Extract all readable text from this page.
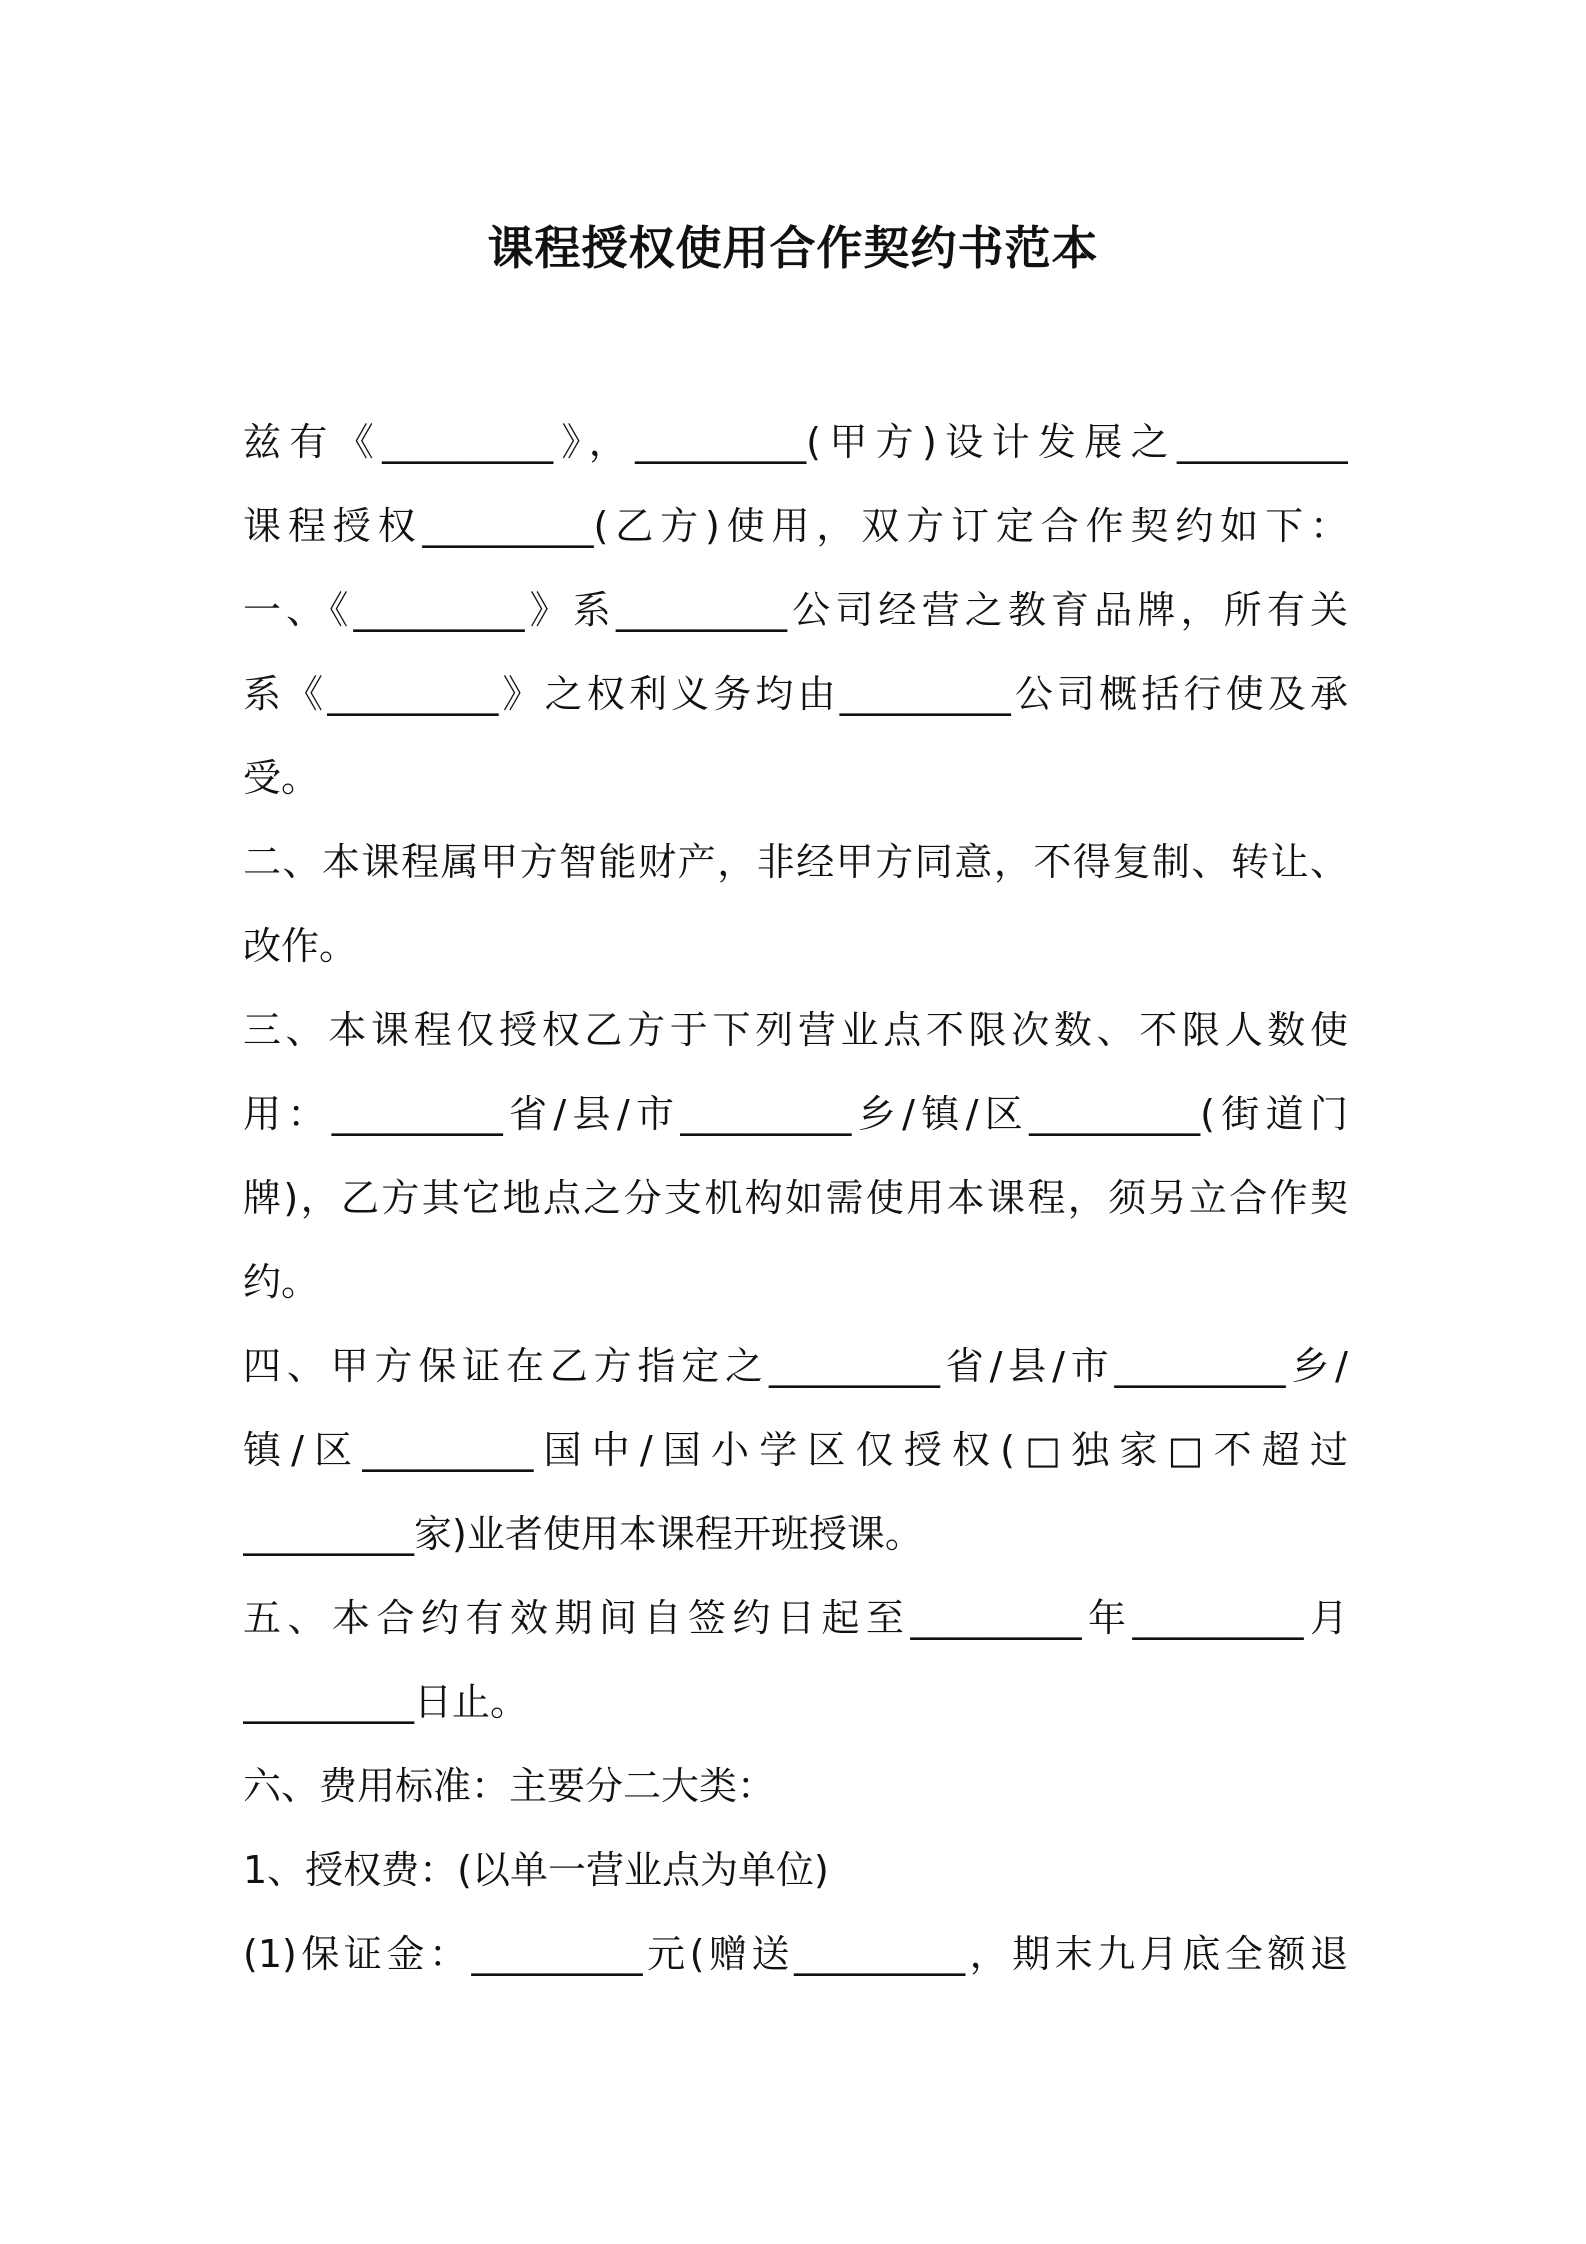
课程授权使用合作契约书范本
兹有《_________》，_________(甲方)设计发展之_________
课程授权_________(乙方)使用，双方订定合作契约如下：
一、《_________》系_________公司经营之教育品牌，所有关
系《_________》之权利义务均由_________公司概括行使及承
受。
二、本课程属甲方智能财产，非经甲方同意，不得复制、转让、
改作。
三、本课程仅授权乙方于下列营业点不限次数、不限人数使
用：_________省/县/市_________乡/镇/区_________(街道门
牌)，乙方其它地点之分支机构如需使用本课程，须另立合作契
约。
四、甲方保证在乙方指定之_________省/县/市_________乡/
镇/区_________国中/国小学区仅授权(□独家□不超过
_________家)业者使用本课程开班授课。
五、本合约有效期间自签约日起至_________年_________月
_________日止。
六、费用标准：主要分二大类：
1、授权费：(以单一营业点为单位)
(1)保证金：_________元(赠送_________，期末九月底全额退
